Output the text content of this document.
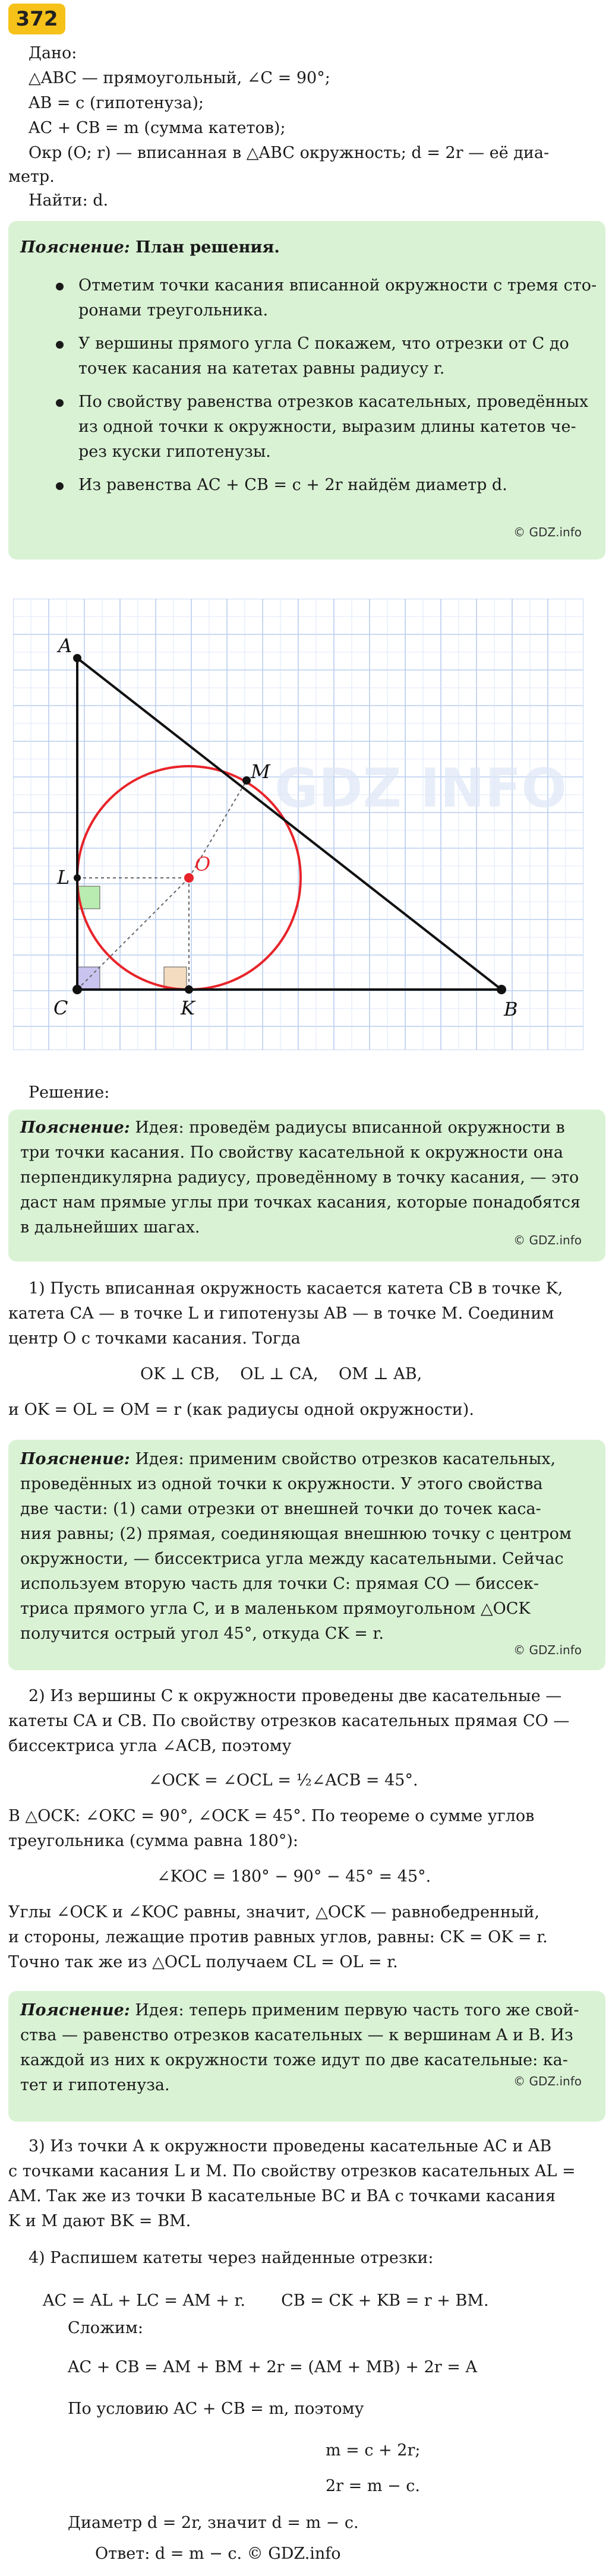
372
Дано:
△ABC — прямоугольный, ∠C = 90°;
AB = c (гипотенуза);
AC + CB = m (сумма катетов);
Окр (O; r) — вписанная в △ABC окружность; d = 2r — её диа-
метр.
Найти: d.
Пояснение: План решения.
Отметим точки касания вписанной окружности с тремя сто-
ронами треугольника.
У вершины прямого угла C покажем, что отрезки от C до
точек касания на катетах равны радиусу r.
По свойству равенства отрезков касательных, проведённых
из одной точки к окружности, выразим длины катетов че-
рез куски гипотенузы.
Из равенства AC + CB = c + 2r найдём диаметр d.
© GDZ.info
GDZ INFO
A
C	B
K
L
M
O
Решение:
Пояснение: Идея: проведём радиусы вписанной окружности в
три точки касания. По свойству касательной к окружности она
перпендикулярна радиусу, проведённому в точку касания, — это
даст нам прямые углы при точках касания, которые понадобятся
в дальнейших шагах.
© GDZ.info
1) Пусть вписанная окружность касается катета CB в точке K,
катета CA — в точке L и гипотенузы AB — в точке M. Соединим
центр O с точками касания. Тогда
OK ⊥ CB,    OL ⊥ CA,    OM ⊥ AB,
и OK = OL = OM = r (как радиусы одной окружности).
Пояснение: Идея: применим свойство отрезков касательных,
проведённых из одной точки к окружности. У этого свойства
две части: (1) сами отрезки от внешней точки до точек каса-
ния равны; (2) прямая, соединяющая внешнюю точку с центром
окружности, — биссектриса угла между касательными. Сейчас
используем вторую часть для точки C: прямая CO — биссек-
триса прямого угла C, и в маленьком прямоугольном △OCK
получится острый угол 45°, откуда CK = r.
© GDZ.info
2) Из вершины C к окружности проведены две касательные —
катеты CA и CB. По свойству отрезков касательных прямая CO —
биссектриса угла ∠ACB, поэтому
∠OCK = ∠OCL = ½∠ACB = 45°.
В △OCK: ∠OKC = 90°, ∠OCK = 45°. По теореме о сумме углов
треугольника (сумма равна 180°):
∠KOC = 180° − 90° − 45° = 45°.
Углы ∠OCK и ∠KOC равны, значит, △OCK — равнобедренный,
и стороны, лежащие против равных углов, равны: CK = OK = r.
Точно так же из △OCL получаем CL = OL = r.
Пояснение: Идея: теперь применим первую часть того же свой-
ства — равенство отрезков касательных — к вершинам A и B. Из
каждой из них к окружности тоже идут по две касательные: ка-
тет и гипотенуза.	© GDZ.info
3) Из точки A к окружности проведены касательные AC и AB
с точками касания L и M. По свойству отрезков касательных AL =
AM. Так же из точки B касательные BC и BA с точками касания
K и M дают BK = BM.
4) Распишем катеты через найденные отрезки:
AC = AL + LC = AM + r.       CB = CK + KB = r + BM.
Сложим:
AC + CB = AM + BM + 2r = (AM + MB) + 2r = A
По условию AC + CB = m, поэтому
m = c + 2r;
2r = m − c.
Диаметр d = 2r, значит d = m − c.
Ответ: d = m − c. © GDZ.info
